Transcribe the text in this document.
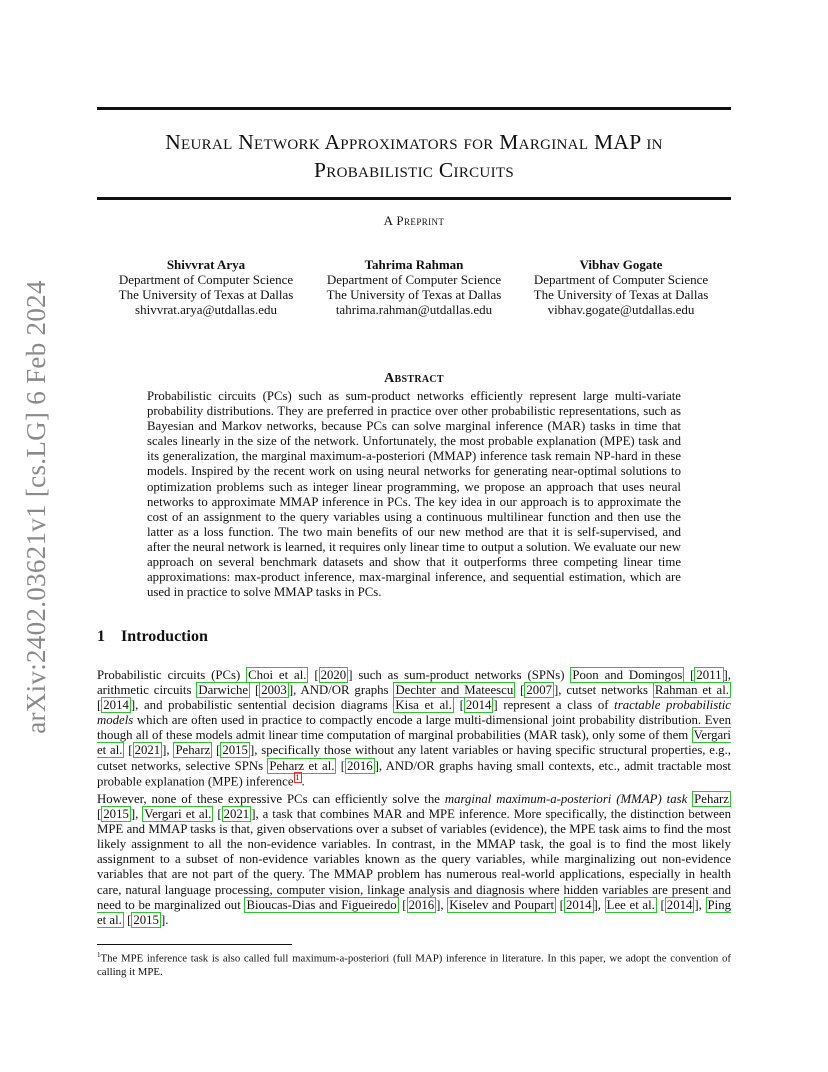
arXiv:2402.03621v1 [cs.LG] 6 Feb 2024
Neural Network Approximators for Marginal MAP in
Probabilistic Circuits
A Preprint
Shivvrat Arya
Department of Computer Science
The University of Texas at Dallas
shivvrat.arya@utdallas.edu
Tahrima Rahman
Department of Computer Science
The University of Texas at Dallas
tahrima.rahman@utdallas.edu
Vibhav Gogate
Department of Computer Science
The University of Texas at Dallas
vibhav.gogate@utdallas.edu
Abstract
Probabilistic circuits (PCs) such as sum-product networks efficiently represent large multi-variate probability distributions. They are preferred in practice over other probabilistic representations, such as Bayesian and Markov networks, because PCs can solve marginal inference (MAR) tasks in time that scales linearly in the size of the network. Unfortunately, the most probable explanation (MPE) task and its generalization, the marginal maximum-a-posteriori (MMAP) inference task remain NP-hard in these models. Inspired by the recent work on using neural networks for generating near-optimal solutions to optimization problems such as integer linear programming, we propose an approach that uses neural networks to approximate MMAP inference in PCs. The key idea in our approach is to approximate the cost of an assignment to the query variables using a continuous multilinear function and then use the latter as a loss function. The two main benefits of our new method are that it is self-supervised, and after the neural network is learned, it requires only linear time to output a solution. We evaluate our new approach on several benchmark datasets and show that it outperforms three competing linear time approximations: max-product inference, max-marginal inference, and sequential estimation, which are used in practice to solve MMAP tasks in PCs.
1 Introduction
Probabilistic circuits (PCs) Choi et al. [ 2020 ] such as sum-product networks (SPNs) Poon and Domingos [ 2011 ], arithmetic circuits Darwiche [ 2003 ], AND/OR graphs Dechter and Mateescu [ 2007 ], cutset networks Rahman et al. [ 2014 ], and probabilistic sentential decision diagrams Kisa et al. [ 2014 ] represent a class of tractable probabilistic models which are often used in practice to compactly encode a large multi-dimensional joint probability distribution. Even though all of these models admit linear time computation of marginal probabilities (MAR task), only some of them Vergari et al. [ 2021 ], Peharz [ 2015 ], specifically those without any latent variables or having specific structural properties, e.g., cutset networks, selective SPNs Peharz et al. [ 2016 ], AND/OR graphs having small contexts, etc., admit tractable most probable explanation (MPE) inference $^1$ .
However, none of these expressive PCs can efficiently solve the marginal maximum-a-posteriori (MMAP) task Peharz [ 2015 ], Vergari et al. [ 2021 ], a task that combines MAR and MPE inference. More specifically, the distinction between MPE and MMAP tasks is that, given observations over a subset of variables (evidence), the MPE task aims to find the most likely assignment to all the non-evidence variables. In contrast, in the MMAP task, the goal is to find the most likely assignment to a subset of non-evidence variables known as the query variables, while marginalizing out non-evidence variables that are not part of the query. The MMAP problem has numerous real-world applications, especially in health care, natural language processing, computer vision, linkage analysis and diagnosis where hidden variables are present and need to be marginalized out Bioucas-Dias and Figueiredo [ 2016 ], Kiselev and Poupart [ 2014 ], Lee et al. [ 2014 ], Ping et al. [ 2015 ].
$^1$The MPE inference task is also called full maximum-a-posteriori (full MAP) inference in literature. In this paper, we adopt the convention of calling it MPE.
